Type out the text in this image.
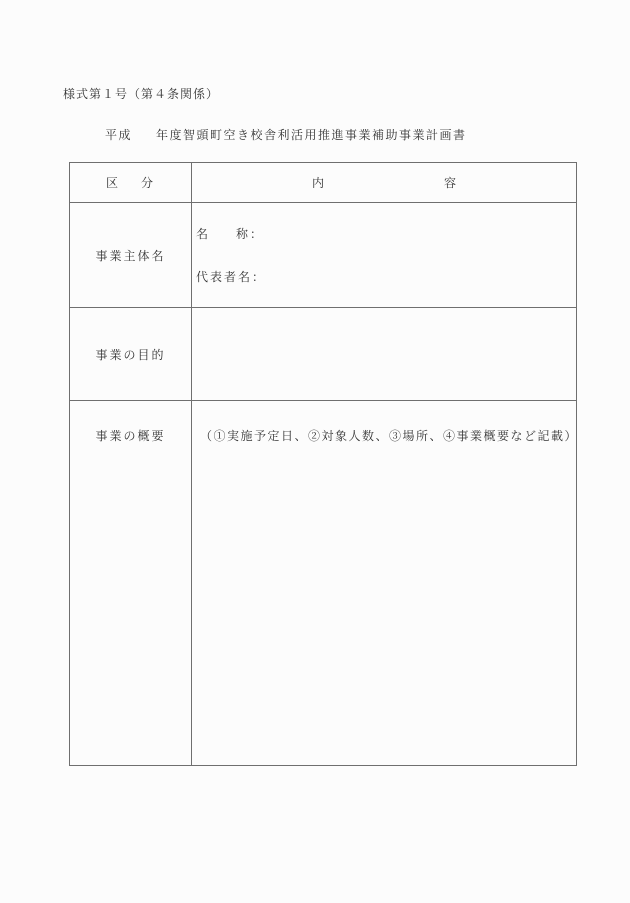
様式第１号（第４条関係）
平成 年度智頭町空き校舎利活用推進事業補助事業計画書
区 分	内 容

事業主体名	名 称：
代表者名：

事業の目的	
事業の概要	（①実施予定日、②対象人数、③場所、④事業概要など記載）
